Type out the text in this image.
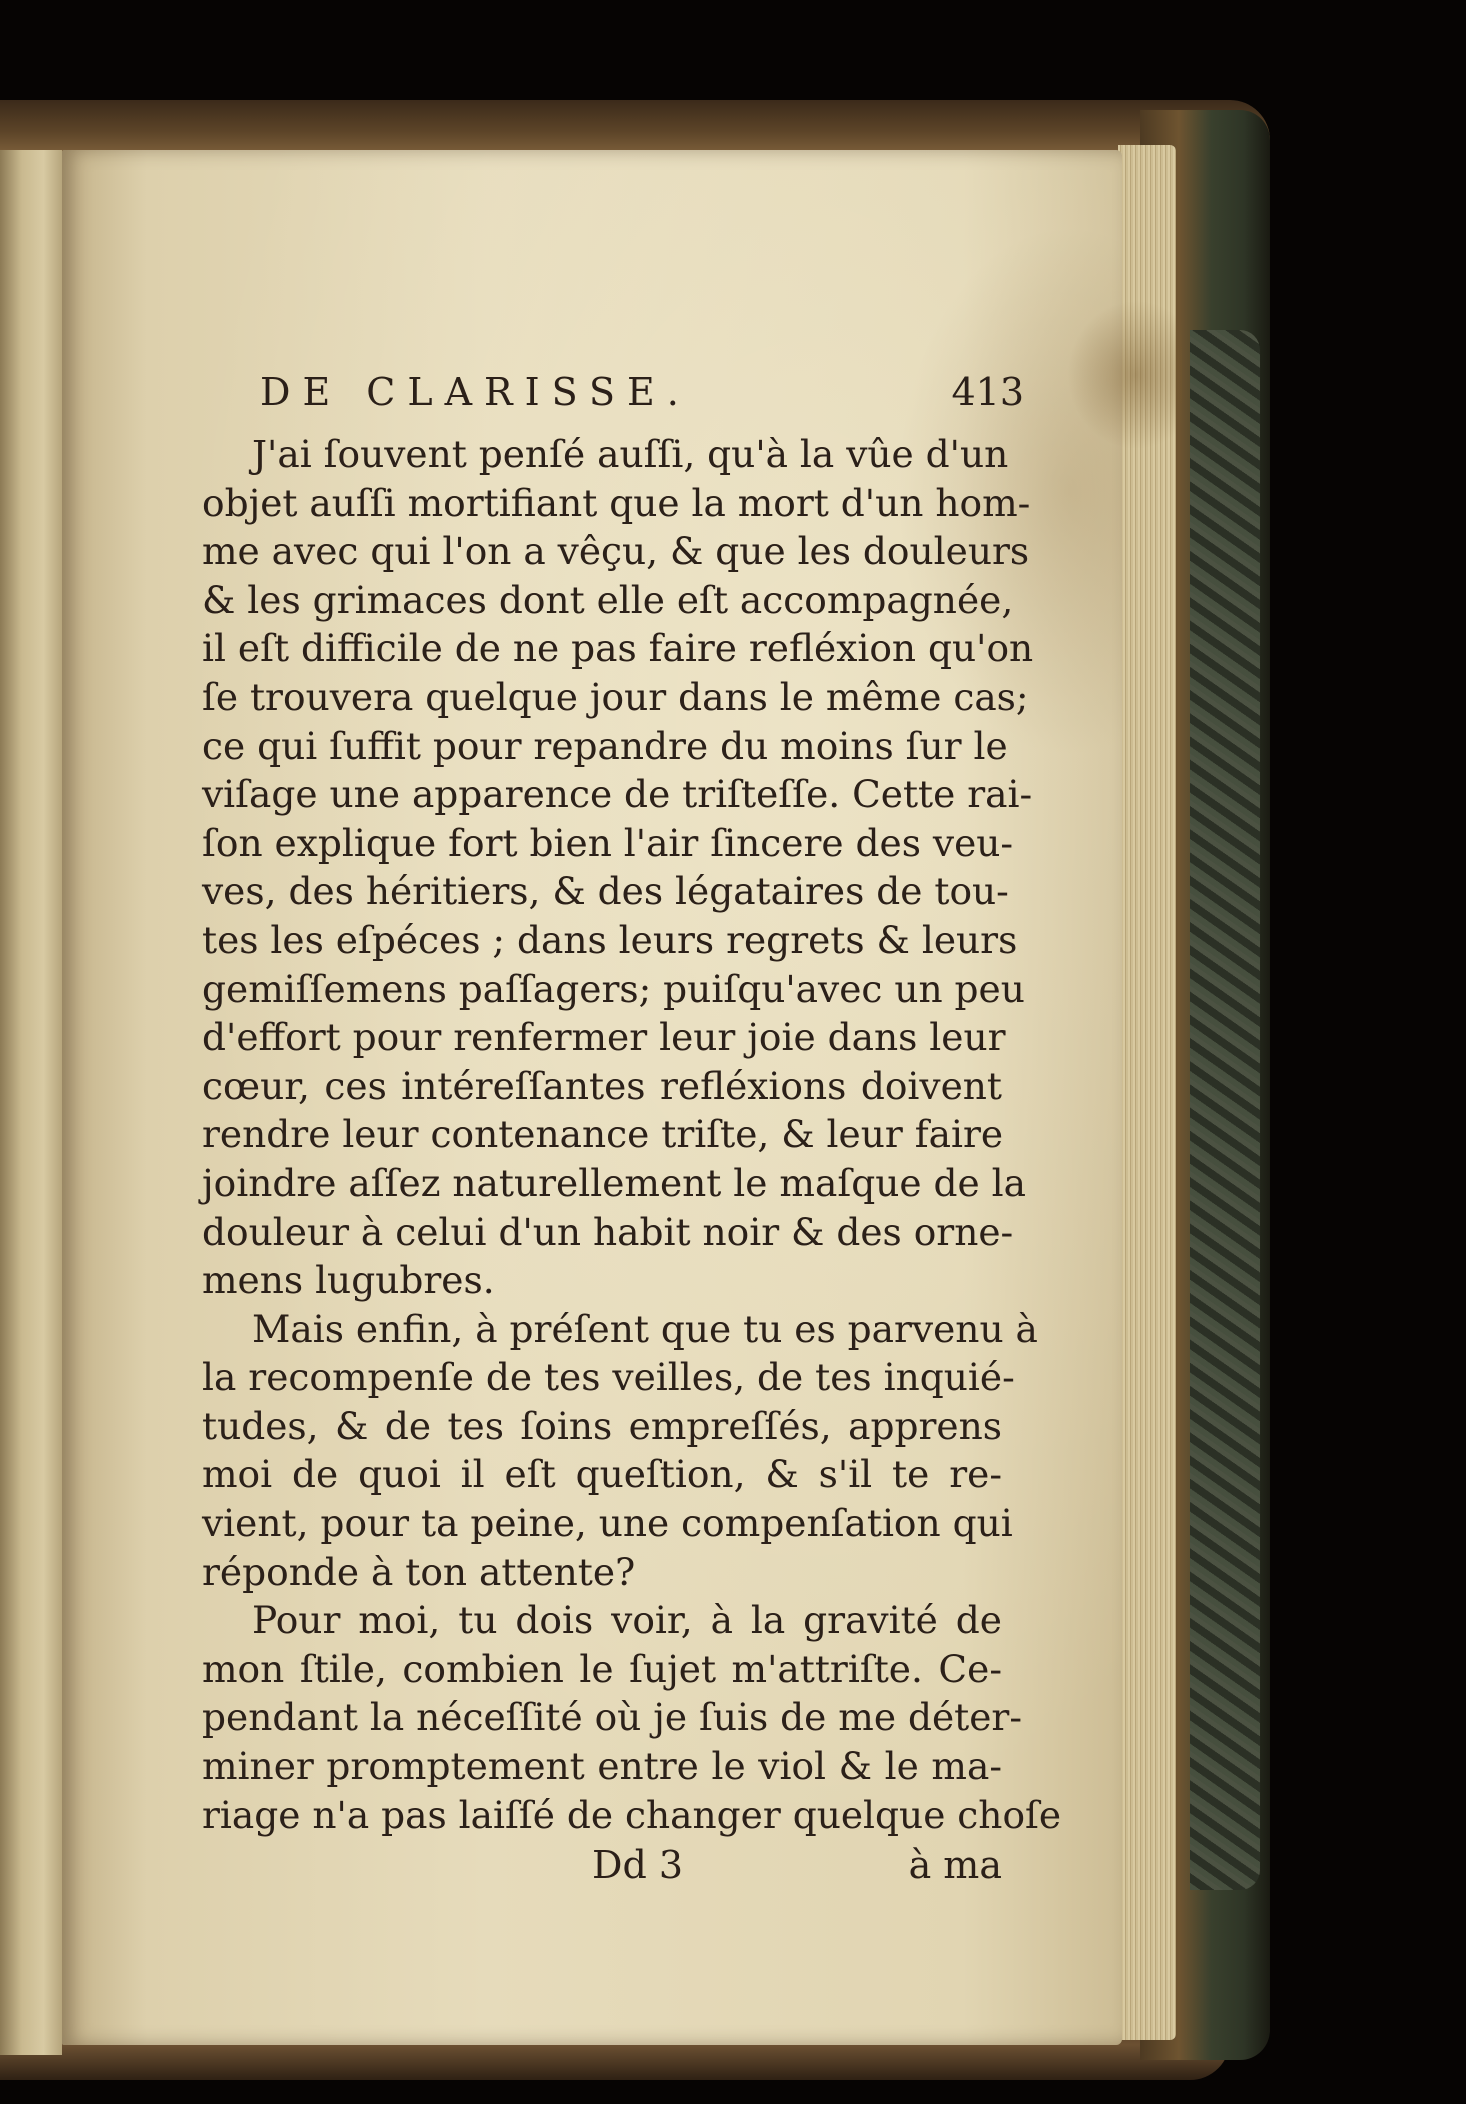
DE CLARISSE.	413
J'ai ſouvent penſé auſſi, qu'à la vûe d'un
objet auſſi mortifiant que la mort d'un hom-
me avec qui l'on a vêçu, & que les douleurs
& les grimaces dont elle eſt accompagnée,
il eſt difficile de ne pas faire refléxion qu'on
ſe trouvera quelque jour dans le même cas;
ce qui ſuffit pour repandre du moins ſur le
viſage une apparence de triſteſſe. Cette rai-
ſon explique fort bien l'air ſincere des veu-
ves, des héritiers, & des légataires de tou-
tes les eſpéces ; dans leurs regrets & leurs
gemiſſemens paſſagers; puiſqu'avec un peu
d'effort pour renfermer leur joie dans leur
cœur, ces intéreſſantes refléxions doivent
rendre leur contenance triſte, & leur faire
joindre aſſez naturellement le maſque de la
douleur à celui d'un habit noir & des orne-
mens lugubres.
Mais enfin, à préſent que tu es parvenu à
la recompenſe de tes veilles, de tes inquié-
tudes, & de tes ſoins empreſſés, apprens
moi de quoi il eſt queſtion, & s'il te re-
vient, pour ta peine, une compenſation qui
réponde à ton attente?
Pour moi, tu dois voir, à la gravité de
mon ſtile, combien le ſujet m'attriſte. Ce-
pendant la néceſſité où je ſuis de me déter-
miner promptement entre le viol & le ma-
riage n'a pas laiſſé de changer quelque choſe
Dd 3	à ma
